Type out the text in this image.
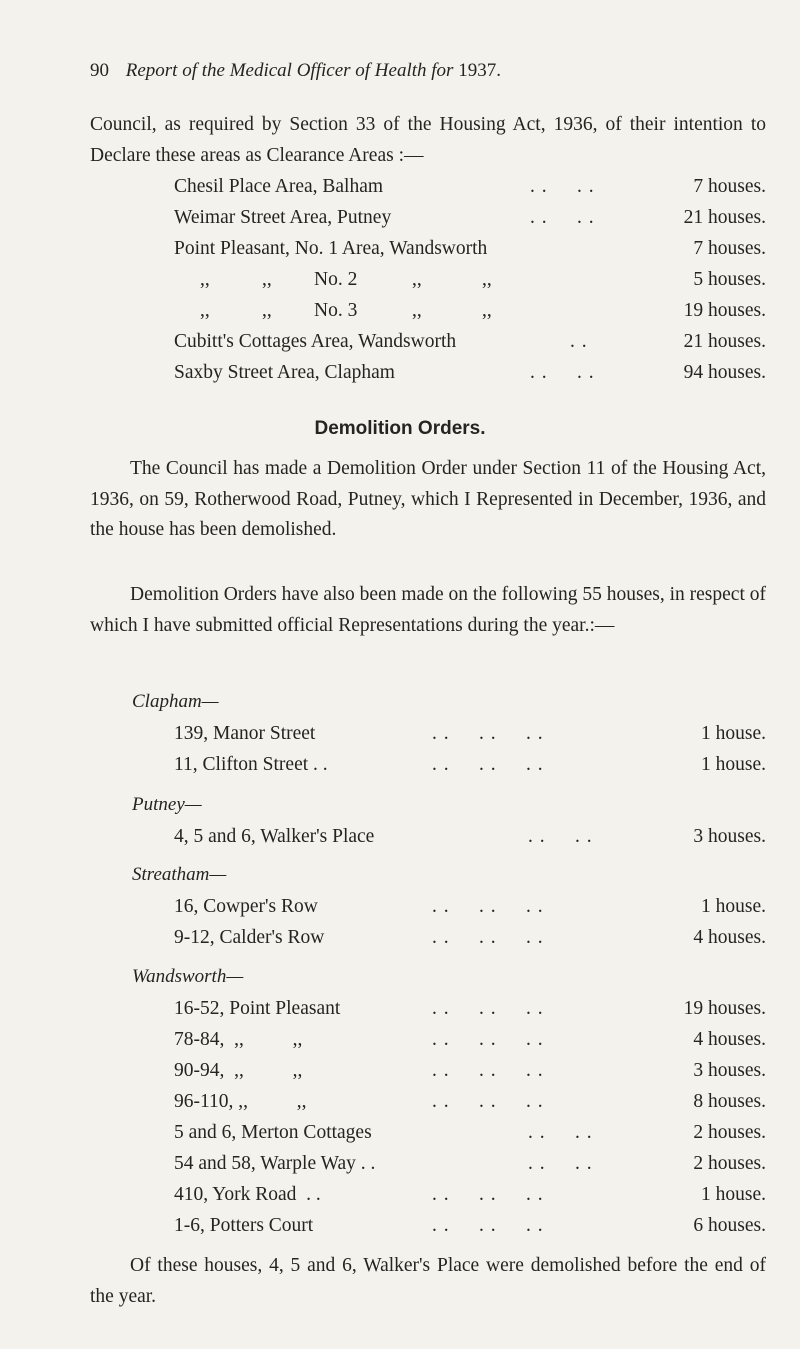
90 Report of the Medical Officer of Health for 1937.
Council, as required by Section 33 of the Housing Act, 1936, of their intention to Declare these areas as Clearance Areas :—
Chesil Place Area, Balham	. .     . .	7 houses.
Weimar Street Area, Putney	. .     . .	21 houses.
Point Pleasant, No. 1 Area, Wandsworth	7 houses.
,,	,, No. 2	,,	,,	5 houses.
,,	,, No. 3	,,	,,	19 houses.
Cubitt's Cottages Area, Wandsworth	. .	21 houses.
Saxby Street Area, Clapham	. .     . .	94 houses.
Demolition Orders.
The Council has made a Demolition Order under Section 11 of the Housing Act, 1936, on 59, Rotherwood Road, Putney, which I Represented in December, 1936, and the house has been demolished.
Demolition Orders have also been made on the following 55 houses, in respect of which I have submitted official Representations during the year.:—
Clapham—
139, Manor Street	. .     . .     . .	1 house.
11, Clifton Street . .	. .     . .     . .	1 house.
Putney—
4, 5 and 6, Walker's Place	. .     . .	3 houses.
Streatham—
16, Cowper's Row	. .     . .     . .	1 house.
9-12, Calder's Row	. .     . .     . .	4 houses.
Wandsworth—
16-52, Point Pleasant	. .     . .     . .	19 houses.
78-84,  ,,          ,,	. .     . .     . .	4 houses.
90-94,  ,,          ,,	. .     . .     . .	3 houses.
96-110, ,,          ,,	. .     . .     . .	8 houses.
5 and 6, Merton Cottages	. .     . .	2 houses.
54 and 58, Warple Way . .	. .     . .	2 houses.
410, York Road  . .	. .     . .     . .	1 house.
1-6, Potters Court	. .     . .     . .	6 houses.
Of these houses, 4, 5 and 6, Walker's Place were demolished before the end of the year.
